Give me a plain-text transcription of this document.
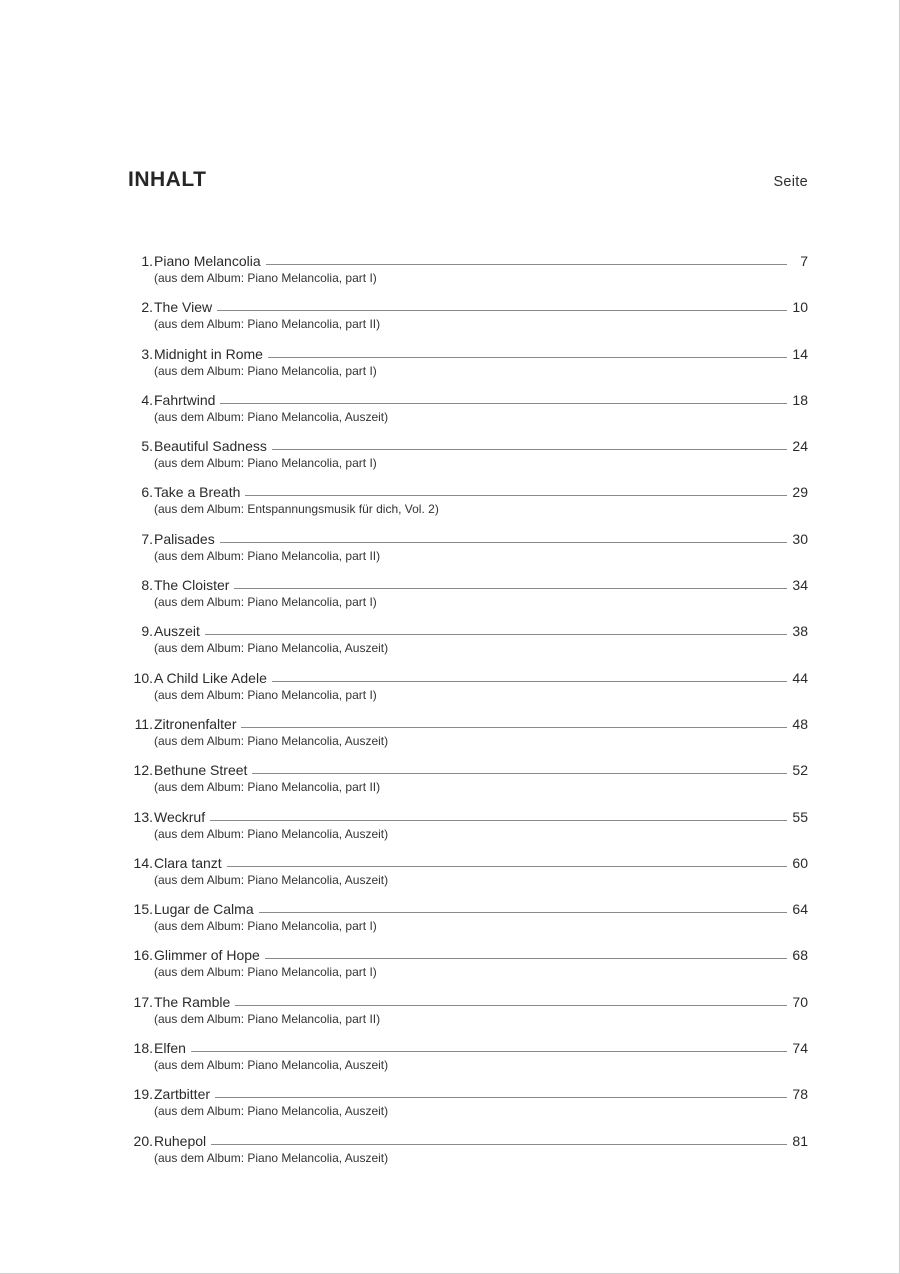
INHALT	Seite
1. Piano Melancolia	7
(aus dem Album: Piano Melancolia, part I)
2. The View	10
(aus dem Album: Piano Melancolia, part II)
3. Midnight in Rome	14
(aus dem Album: Piano Melancolia, part I)
4. Fahrtwind	18
(aus dem Album: Piano Melancolia, Auszeit)
5. Beautiful Sadness	24
(aus dem Album: Piano Melancolia, part I)
6. Take a Breath	29
(aus dem Album: Entspannungsmusik für dich, Vol. 2)
7. Palisades	30
(aus dem Album: Piano Melancolia, part II)
8. The Cloister	34
(aus dem Album: Piano Melancolia, part I)
9. Auszeit	38
(aus dem Album: Piano Melancolia, Auszeit)
10. A Child Like Adele	44
(aus dem Album: Piano Melancolia, part I)
11. Zitronenfalter	48
(aus dem Album: Piano Melancolia, Auszeit)
12. Bethune Street	52
(aus dem Album: Piano Melancolia, part II)
13. Weckruf	55
(aus dem Album: Piano Melancolia, Auszeit)
14. Clara tanzt	60
(aus dem Album: Piano Melancolia, Auszeit)
15. Lugar de Calma	64
(aus dem Album: Piano Melancolia, part I)
16. Glimmer of Hope	68
(aus dem Album: Piano Melancolia, part I)
17. The Ramble	70
(aus dem Album: Piano Melancolia, part II)
18. Elfen	74
(aus dem Album: Piano Melancolia, Auszeit)
19. Zartbitter	78
(aus dem Album: Piano Melancolia, Auszeit)
20. Ruhepol	81
(aus dem Album: Piano Melancolia, Auszeit)
